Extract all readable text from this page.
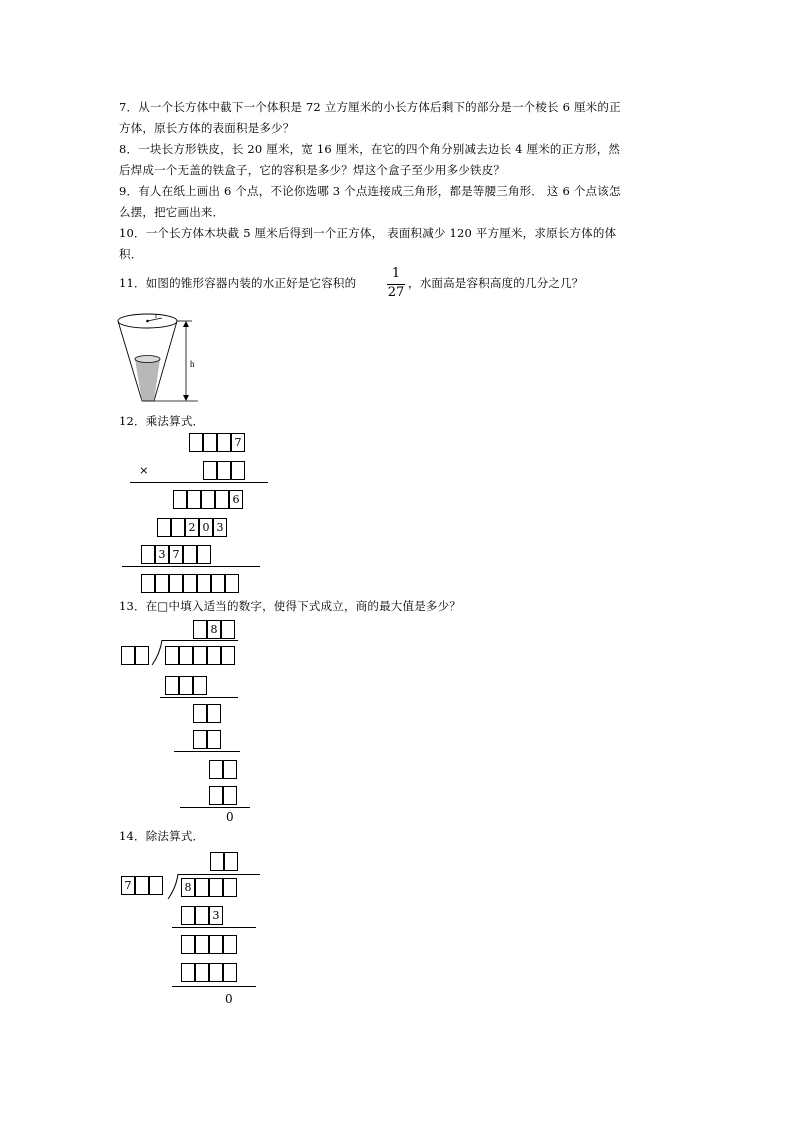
7．从一个长方体中截下一个体积是 72 立方厘米的小长方体后剩下的部分是一个棱长 6 厘米的正
方体，原长方体的表面积是多少？
8．一块长方形铁皮，长 20 厘米，宽 16 厘米，在它的四个角分别减去边长 4 厘米的正方形，然
后焊成一个无盖的铁盒子，它的容积是多少？焊这个盒子至少用多少铁皮？
9．有人在纸上画出 6 个点，不论你选哪 3 个点连接成三角形，都是等腰三角形． 这 6 个点该怎
么摆，把它画出来．
10．一个长方体木块截 5 厘米后得到一个正方体， 表面积减少 120 平方厘米，求原长方体的体
积．
11．如图的锥形容器内装的水正好是它容积的
1
27
，水面高是容积高度的几分之几？
r
h
12．乘法算式．
7
×
6
2 0 3
3 7
13．在□中填入适当的数字，使得下式成立，商的最大值是多少？
8
0
14．除法算式．
7	8
3
0
